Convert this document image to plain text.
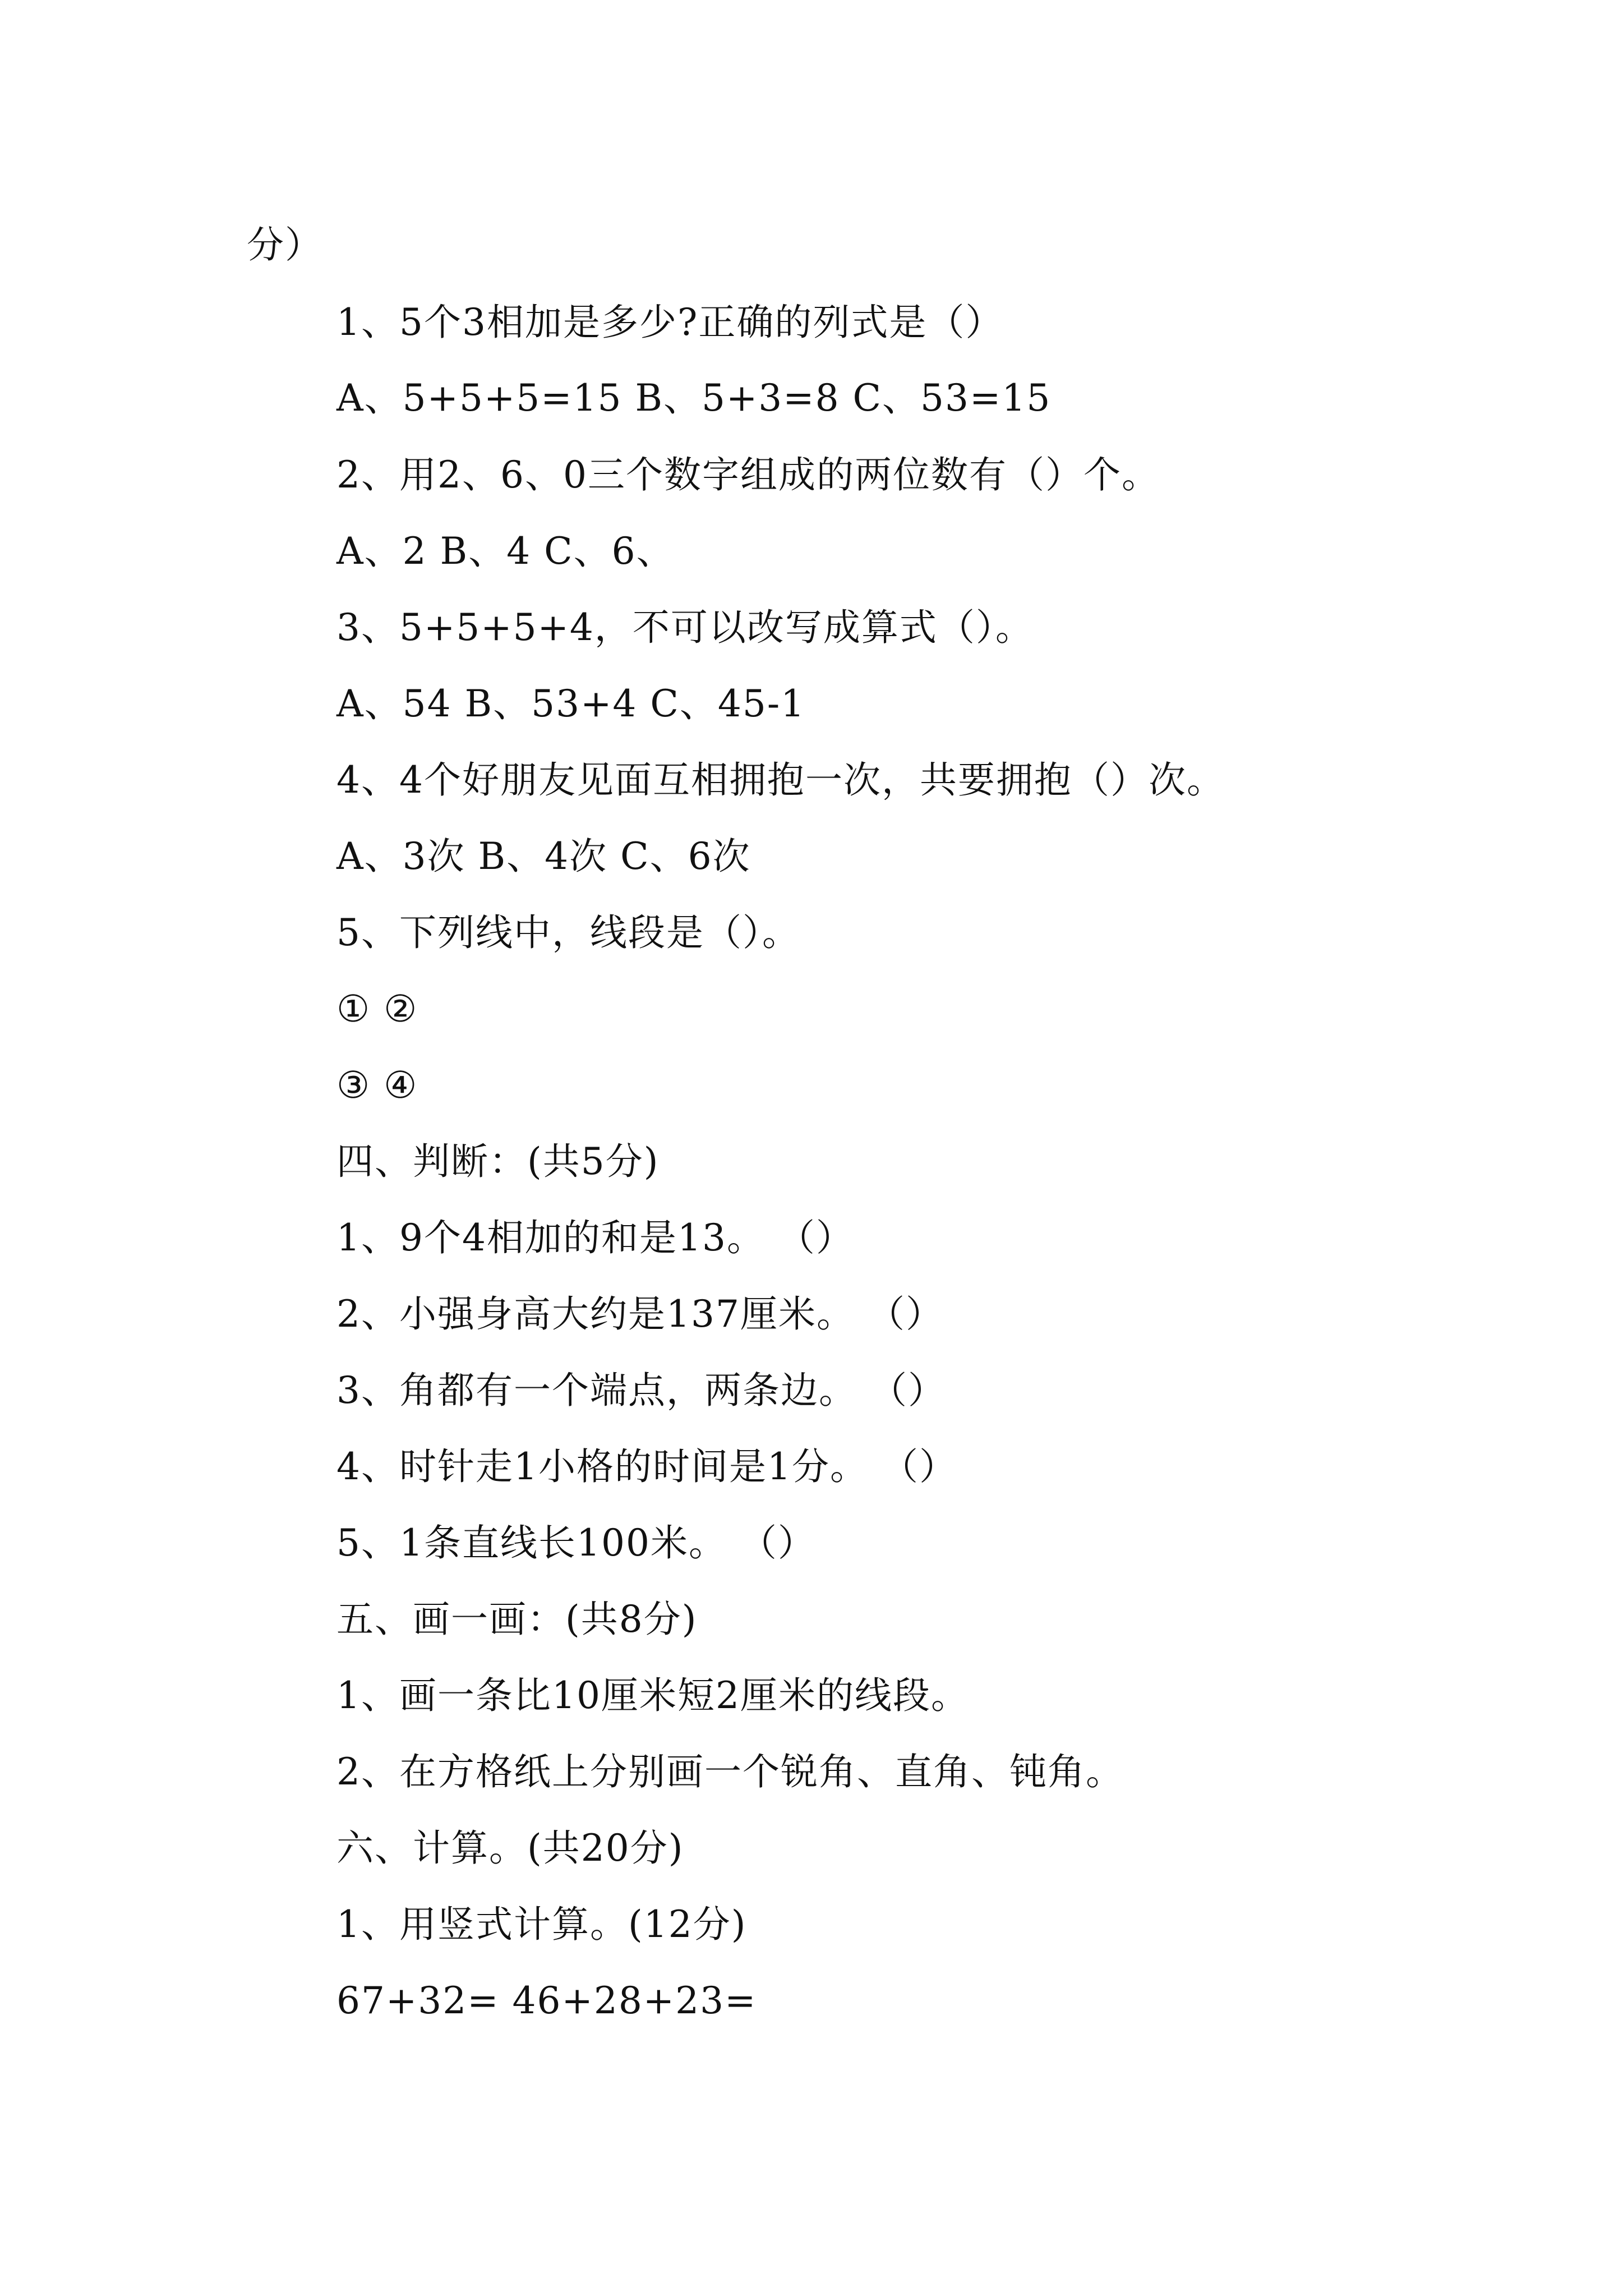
分）
1、5个3相加是多少?正确的列式是（）
A、5+5+5=15 B、5+3=8 C、53=15
2、用2、6、0三个数字组成的两位数有（）个。
A、2 B、4 C、6、
3、5+5+5+4，不可以改写成算式（）。
A、54 B、53+4 C、45-1
4、4个好朋友见面互相拥抱一次，共要拥抱（）次。
A、3次 B、4次 C、6次
5、下列线中，线段是（）。
① ②
③ ④
四、判断：(共5分)
1、9个4相加的和是13。 （）
2、小强身高大约是137厘米。 （）
3、角都有一个端点，两条边。 （）
4、时针走1小格的时间是1分。 （）
5、1条直线长100米。 （）
五、画一画：(共8分)
1、画一条比10厘米短2厘米的线段。
2、在方格纸上分别画一个锐角、直角、钝角。
六、计算。(共20分)
1、用竖式计算。(12分)
67+32= 46+28+23=
